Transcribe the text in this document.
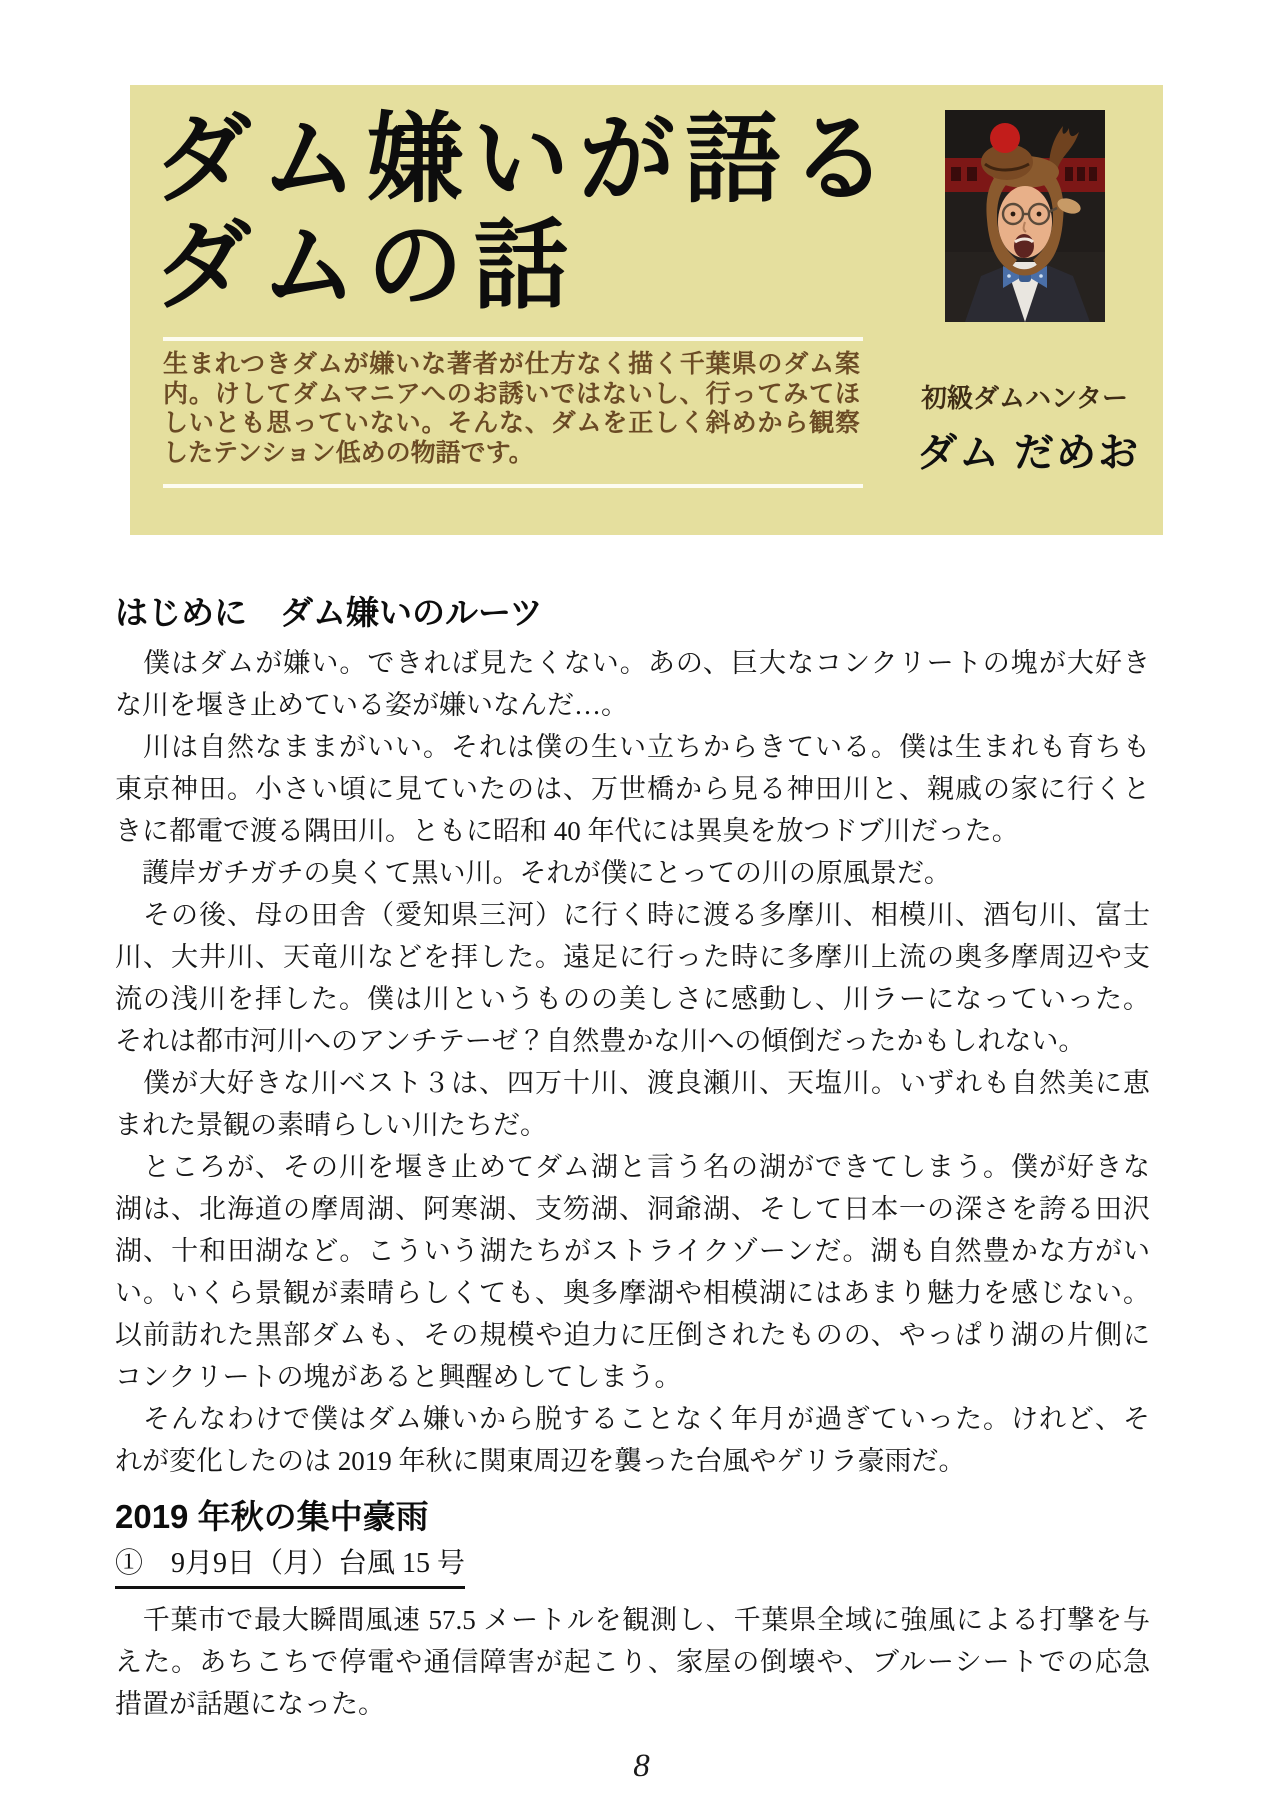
ダム嫌いが語る
ダムの話
生まれつきダムが嫌いな著者が仕方なく描く千葉県のダム案
内。けしてダムマニアへのお誘いではないし、行ってみてほ
しいとも思っていない。そんな、ダムを正しく斜めから観察
したテンション低めの物語です。
初級ダムハンター
ダム だめお
はじめに　ダム嫌いのルーツ
　僕はダムが嫌い。できれば見たくない。あの、巨大なコンクリートの塊が大好き
な川を堰き止めている姿が嫌いなんだ…。
　川は自然なままがいい。それは僕の生い立ちからきている。僕は生まれも育ちも
東京神田。小さい頃に見ていたのは、万世橋から見る神田川と、親戚の家に行くと
きに都電で渡る隅田川。ともに昭和 40 年代には異臭を放つドブ川だった。
　護岸ガチガチの臭くて黒い川。それが僕にとっての川の原風景だ。
　その後、母の田舎（愛知県三河）に行く時に渡る多摩川、相模川、酒匂川、富士
川、大井川、天竜川などを拝した。遠足に行った時に多摩川上流の奥多摩周辺や支
流の浅川を拝した。僕は川というものの美しさに感動し、川ラーになっていった。
それは都市河川へのアンチテーゼ？自然豊かな川への傾倒だったかもしれない。
　僕が大好きな川ベスト３は、四万十川、渡良瀬川、天塩川。いずれも自然美に恵
まれた景観の素晴らしい川たちだ。
　ところが、その川を堰き止めてダム湖と言う名の湖ができてしまう。僕が好きな
湖は、北海道の摩周湖、阿寒湖、支笏湖、洞爺湖、そして日本一の深さを誇る田沢
湖、十和田湖など。こういう湖たちがストライクゾーンだ。湖も自然豊かな方がい
い。いくら景観が素晴らしくても、奥多摩湖や相模湖にはあまり魅力を感じない。
以前訪れた黒部ダムも、その規模や迫力に圧倒されたものの、やっぱり湖の片側に
コンクリートの塊があると興醒めしてしまう。
　そんなわけで僕はダム嫌いから脱することなく年月が過ぎていった。けれど、そ
れが変化したのは 2019 年秋に関東周辺を襲った台風やゲリラ豪雨だ。
2019 年秋の集中豪雨
①　9月9日（月）台風 15 号
　千葉市で最大瞬間風速 57.5 メートルを観測し、千葉県全域に強風による打撃を与
えた。あちこちで停電や通信障害が起こり、家屋の倒壊や、ブルーシートでの応急
措置が話題になった。
8
